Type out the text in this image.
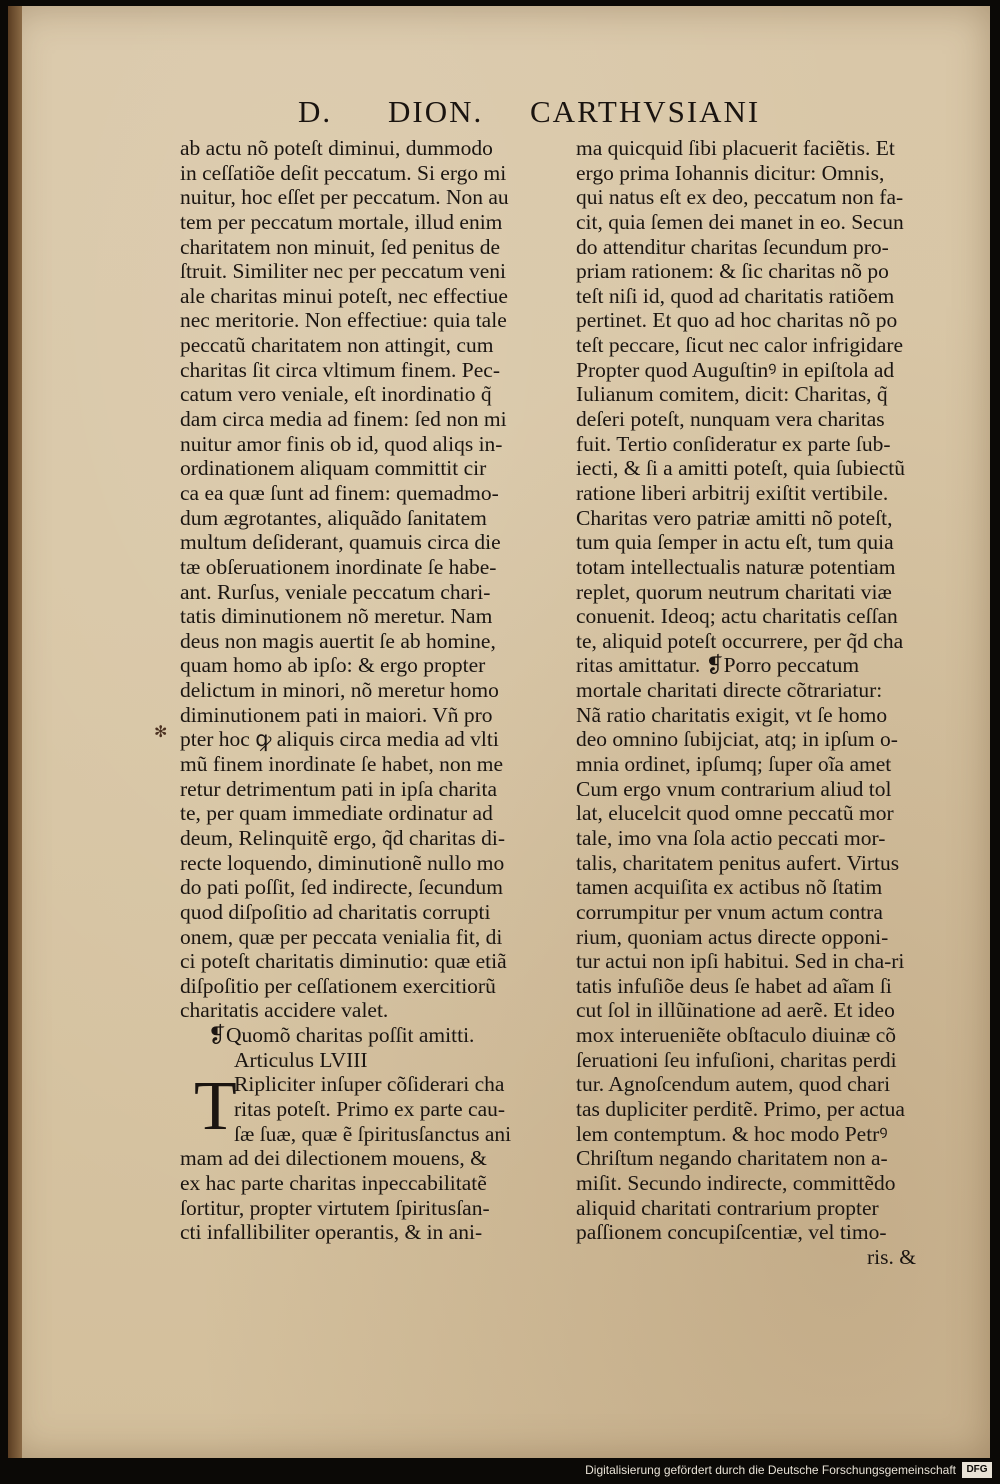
D. DION. CARTHVSIANI
✻
ab actu nõ poteſt diminui, dummodo
in ceſſatiõe deſit peccatum. Si ergo mi
nuitur, hoc eſſet per peccatum. Non au
tem per peccatum mortale, illud enim
charitatem non minuit, ſed penitus de
ſtruit. Similiter nec per peccatum veni
ale charitas minui poteſt, nec effectiue
nec meritorie. Non effectiue: quia tale
peccatũ charitatem non attingit, cum
charitas ſit circa vltimum finem. Pec-
catum vero veniale, eſt inordinatio q̃
dam circa media ad finem: ſed non mi
nuitur amor finis ob id, quod aliqs in-
ordinationem aliquam committit cir
ca ea quæ ſunt ad finem: quemadmo-
dum ægrotantes, aliquãdo ſanitatem
multum deſiderant, quamuis circa die
tæ obſeruationem inordinate ſe habe-
ant. Rurſus, veniale peccatum chari-
tatis diminutionem nõ meretur. Nam
deus non magis auertit ſe ab homine,
quam homo ab ipſo: & ergo propter
delictum in minori, nõ meretur homo
diminutionem pati in maiori. Vñ pro
pter hoc ꝙ aliquis circa media ad vlti
mũ finem inordinate ſe habet, non me
retur detrimentum pati in ipſa charita
te, per quam immediate ordinatur ad
deum, Relinquitẽ ergo, q̃d charitas di-
recte loquendo, diminutionẽ nullo mo
do pati poſſit, ſed indirecte, ſecundum
quod diſpoſitio ad charitatis corrupti
onem, quæ per peccata venialia fit, di
ci poteſt charitatis diminutio: quæ etiã
diſpoſitio per ceſſationem exercitiorũ
charitatis accidere valet.
❡Quomõ charitas poſſit amitti.
Articulus LVIII
T
Ripliciter inſuper cõſiderari cha
ritas poteſt. Primo ex parte cau-
ſæ ſuæ, quæ ẽ ſpiritusſanctus ani
mam ad dei dilectionem mouens, &
ex hac parte charitas inpeccabilitatẽ
ſortitur, propter virtutem ſpiritusſan-
cti infallibiliter operantis, & in ani-
ma quicquid ſibi placuerit faciẽtis. Et
ergo prima Iohannis dicitur: Omnis,
qui natus eſt ex deo, peccatum non fa-
cit, quia ſemen dei manet in eo. Secun
do attenditur charitas ſecundum pro-
priam rationem: & ſic charitas nõ po
teſt niſi id, quod ad charitatis ratiõem
pertinet. Et quo ad hoc charitas nõ po
teſt peccare, ſicut nec calor infrigidare
Propter quod Auguſtinꝰ in epiſtola ad
Iulianum comitem, dicit: Charitas, q̃
deſeri poteſt, nunquam vera charitas
fuit. Tertio conſideratur ex parte ſub-
iecti, & ſi a amitti poteſt, quia ſubiectũ
ratione liberi arbitrij exiſtit vertibile.
Charitas vero patriæ amitti nõ poteſt,
tum quia ſemper in actu eſt, tum quia
totam intellectualis naturæ potentiam
replet, quorum neutrum charitati viæ
conuenit. Ideoq; actu charitatis ceſſan
te, aliquid poteſt occurrere, per q̃d cha
ritas amittatur. ❡Porro peccatum
mortale charitati directe cõtrariatur:
Nã ratio charitatis exigit, vt ſe homo
deo omnino ſubijciat, atq; in ipſum o-
mnia ordinet, ipſumq; ſuper oĩa amet
Cum ergo vnum contrarium aliud tol
lat, elucelcit quod omne peccatũ mor
tale, imo vna ſola actio peccati mor-
talis, charitatem penitus aufert. Virtus
tamen acquiſita ex actibus nõ ſtatim
corrumpitur per vnum actum contra
rium, quoniam actus directe opponi-
tur actui non ipſi habitui. Sed in cha-ri
tatis infuſiõe deus ſe habet ad aĩam ſi
cut ſol in illũinatione ad aerẽ. Et ideo
mox interueniẽte obſtaculo diuinæ cõ
ſeruationi ſeu infuſioni, charitas perdi
tur. Agnoſcendum autem, quod chari
tas dupliciter perditẽ. Primo, per actua
lem contemptum. & hoc modo Petrꝰ
Chriſtum negando charitatem non a-
miſit. Secundo indirecte, committẽdo
aliquid charitati contrarium propter
paſſionem concupiſcentiæ, vel timo-
ris. &
Digitalisierung gefördert durch die Deutsche Forschungsgemeinschaft	DFG
